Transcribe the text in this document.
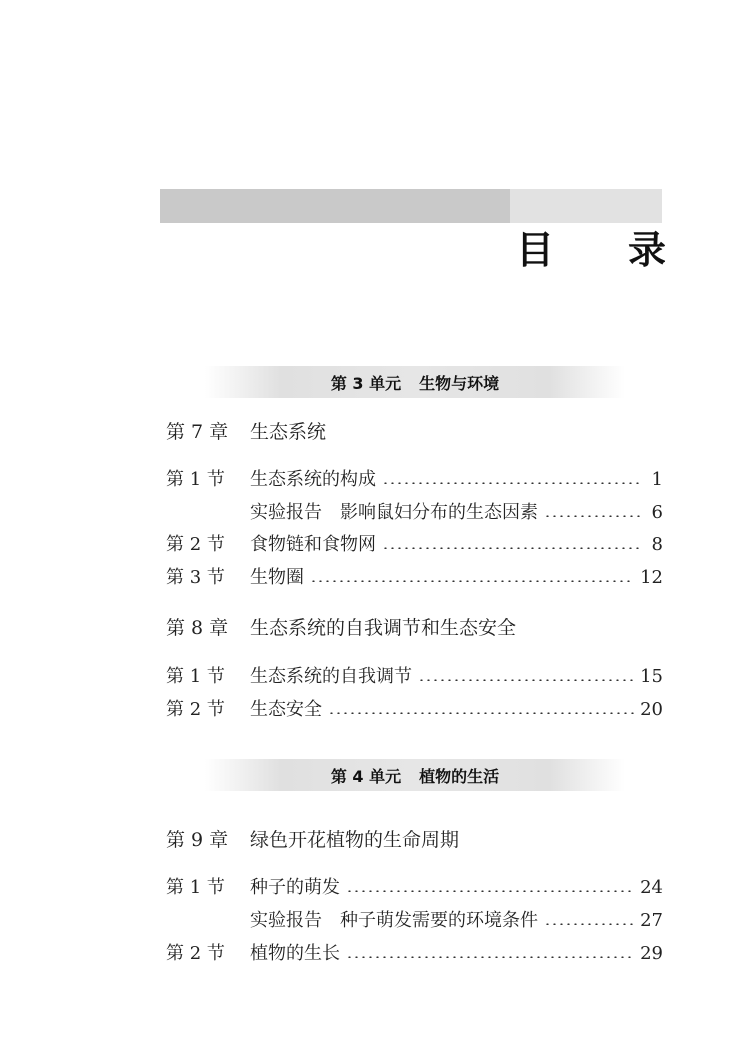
目 录
第 3 单元 生物与环境
第 7 章 生态系统
第 1 节	生态系统的构成	1
实验报告 影响鼠妇分布的生态因素	6
第 2 节	食物链和食物网	8
第 3 节	生物圈	12
第 8 章 生态系统的自我调节和生态安全
第 1 节	生态系统的自我调节	15
第 2 节	生态安全	20
第 4 单元 植物的生活
第 9 章 绿色开花植物的生命周期
第 1 节	种子的萌发	24
实验报告 种子萌发需要的环境条件	27
第 2 节	植物的生长	29
